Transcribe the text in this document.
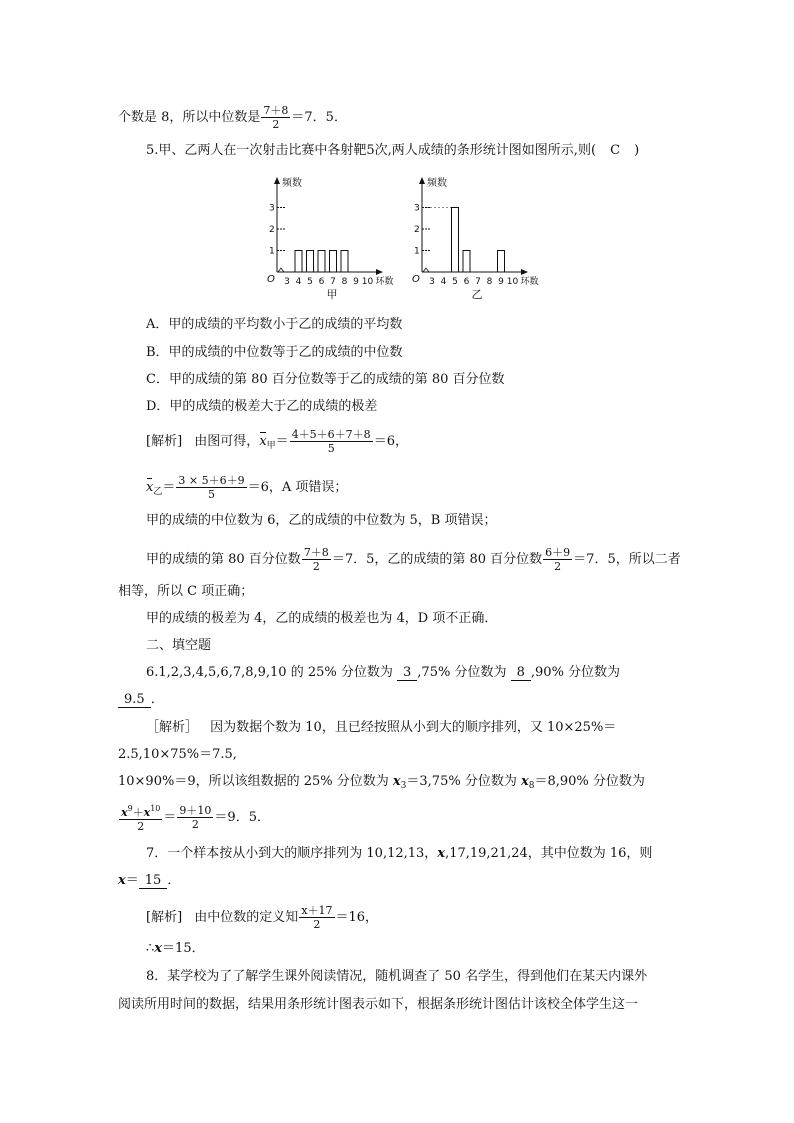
个数是 8，所以中位数是 $\frac{7+8}{2} =7$．5．
5.甲、乙两人在一次射击比赛中各射靶5次,两人成绩的条形统计图如图所示,则( C )
频数
O
1
2
3
3 4 5 6 7 8 9 10 环数
甲
频数
O
1
2
3
3 4 5 6 7 8 9 10 环数
乙
A．甲的成绩的平均数小于乙的成绩的平均数
B．甲的成绩的中位数等于乙的成绩的中位数
C．甲的成绩的第 80 百分位数等于乙的成绩的第 80 百分位数
D．甲的成绩的极差大于乙的成绩的极差
[解析] 由图可得，$x_甲= \frac{4+5+6+7+8}{5} =6$，
$x_乙= \frac{3 \times 5+6+9}{5} =6$，A 项错误；
甲的成绩的中位数为 6，乙的成绩的中位数为 5，B 项错误；
甲的成绩的第 80 百分位数 $\frac{7+8}{2} =7$．5，乙的成绩的第 80 百分位数 $\frac{6+9}{2} =7$．5，所以二者
相等，所以 C 项正确；
甲的成绩的极差为 4，乙的成绩的极差也为 4，D 项不正确．
二、填空题
6.1,2,3,4,5,6,7,8,9,10 的 25% 分位数为 3 ,75% 分位数为 8 ,90% 分位数为
9.5 ．
［解析］ 因为数据个数为 10，且已经按照从小到大的顺序排列，又 10×25%＝
2.5,10×75%＝7.5,
10×90%＝9，所以该组数据的 25% 分位数为 $x_3=3,75\%$ 分位数为 $x_8=8,90\%$ 分位数为
$\frac{x^9+x^{10}}{2} = \frac{9+10}{2} =9$．5．
7．一个样本按从小到大的顺序排列为 10,12,13，x,17,19,21,24，其中位数为 16，则
x＝ 15 ．
[解析] 由中位数的定义知 $\frac{x+17}{2} =16$，
∴x＝15．
8．某学校为了了解学生课外阅读情况，随机调查了 50 名学生，得到他们在某天内课外
阅读所用时间的数据，结果用条形统计图表示如下，根据条形统计图估计该校全体学生这一
